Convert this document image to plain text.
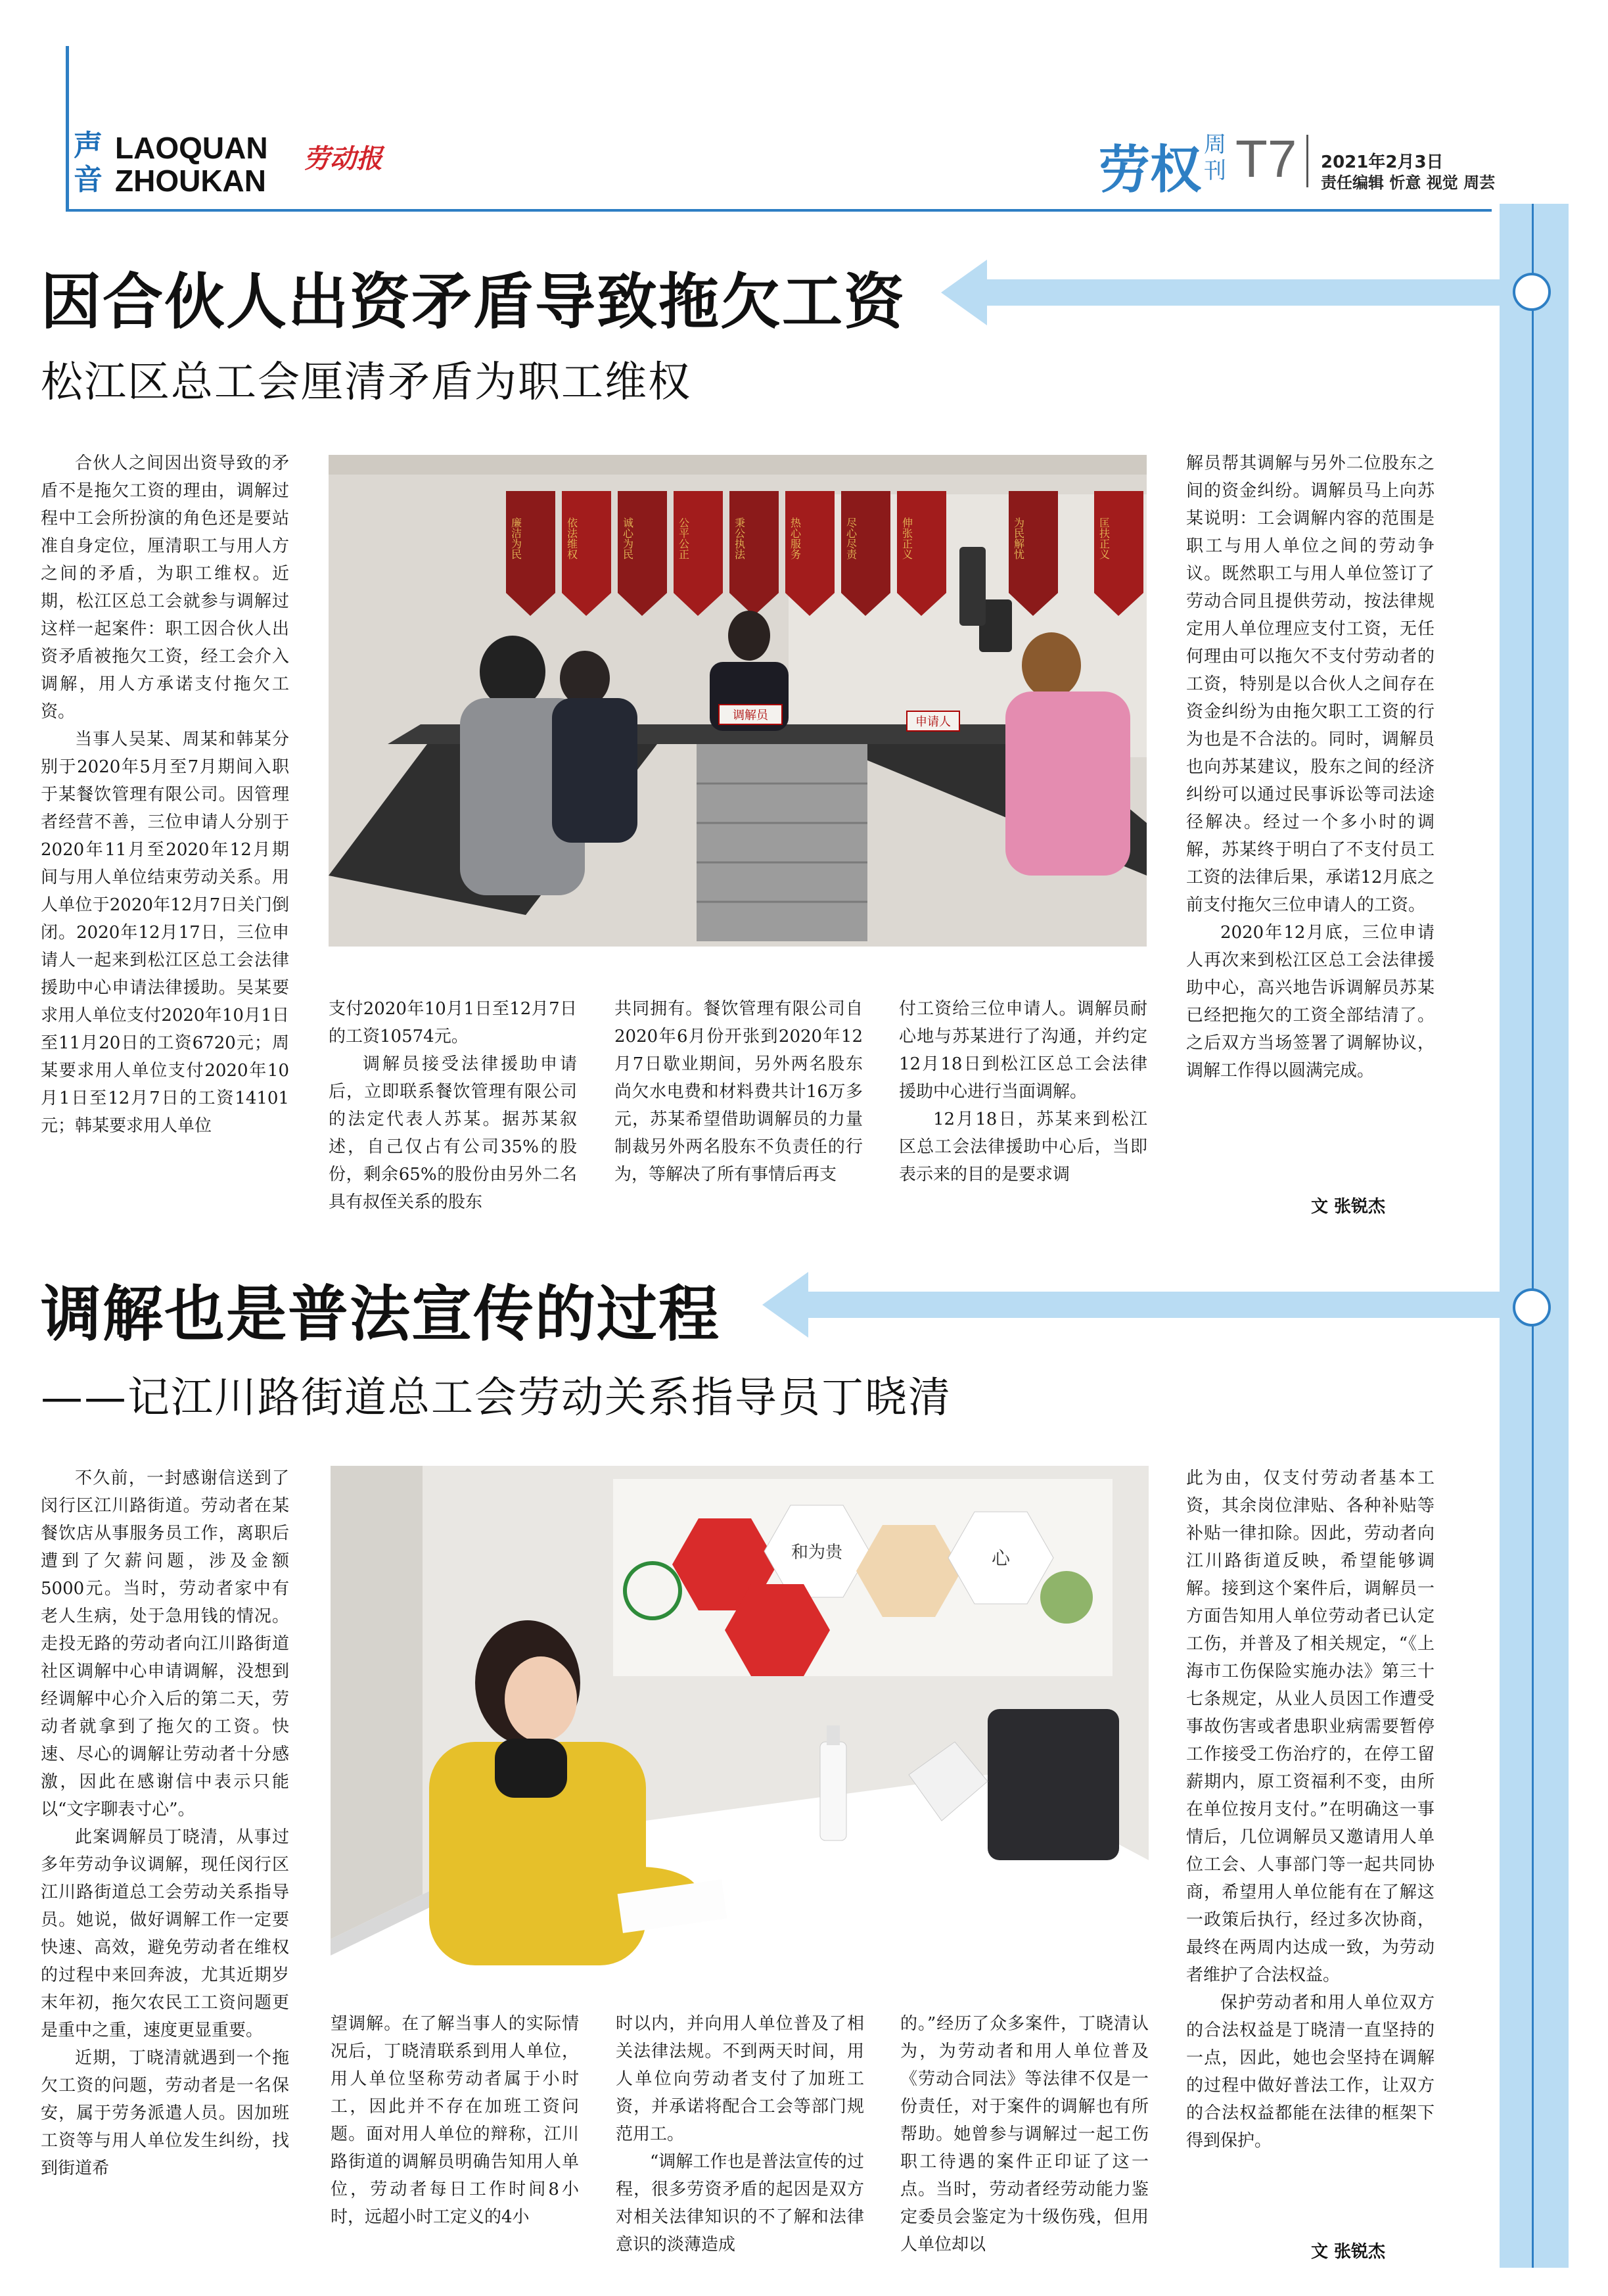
声
音
LAOQUAN
ZHOUKAN
劳动报	劳权 周刊 T7 2021年2月3日
责任编辑 忻意 视觉 周芸
因合伙人出资矛盾导致拖欠工资
松江区总工会厘清矛盾为职工维权

合伙人之间因出资导致的矛盾不是拖欠工资的理由，调解过程中工会所扮演的角色还是要站准自身定位，厘清职工与用人方之间的矛盾，为职工维权。近期，松江区总工会就参与调解过这样一起案件：职工因合伙人出资矛盾被拖欠工资，经工会介入调解，用人方承诺支付拖欠工资。

当事人吴某、周某和韩某分别于2020年5月至7月期间入职于某餐饮管理有限公司。因管理者经营不善，三位申请人分别于2020年11月至2020年12月期间与用人单位结束劳动关系。用人单位于2020年12月7日关门倒闭。2020年12月17日，三位申请人一起来到松江区总工会法律援助中心申请法律援助。吴某要求用人单位支付2020年10月1日至11月20日的工资6720元；周某要求用人单位支付2020年10月1日至12月7日的工资14101元；韩某要求用人单位

廉洁为民	依法维权	诚心为民	公平公正	秉公执法	热心服务	尽心尽责	伸张正义	为民解忧	匡扶正义
调解员	申请人

支付2020年10月1日至12月7日的工资10574元。

调解员接受法律援助申请后，立即联系餐饮管理有限公司的法定代表人苏某。据苏某叙述，自己仅占有公司35%的股份，剩余65%的股份由另外二名具有叔侄关系的股东

共同拥有。餐饮管理有限公司自2020年6月份开张到2020年12月7日歇业期间，另外两名股东尚欠水电费和材料费共计16万多元，苏某希望借助调解员的力量制裁另外两名股东不负责任的行为，等解决了所有事情后再支

付工资给三位申请人。调解员耐心地与苏某进行了沟通，并约定12月18日到松江区总工会法律援助中心进行当面调解。

12月18日，苏某来到松江区总工会法律援助中心后，当即表示来的目的是要求调

解员帮其调解与另外二位股东之间的资金纠纷。调解员马上向苏某说明：工会调解内容的范围是职工与用人单位之间的劳动争议。既然职工与用人单位签订了劳动合同且提供劳动，按法律规定用人单位理应支付工资，无任何理由可以拖欠不支付劳动者的工资，特别是以合伙人之间存在资金纠纷为由拖欠职工工资的行为也是不合法的。同时，调解员也向苏某建议，股东之间的经济纠纷可以通过民事诉讼等司法途径解决。经过一个多小时的调解，苏某终于明白了不支付员工工资的法律后果，承诺12月底之前支付拖欠三位申请人的工资。

2020年12月底，三位申请人再次来到松江区总工会法律援助中心，高兴地告诉调解员苏某已经把拖欠的工资全部结清了。之后双方当场签署了调解协议，调解工作得以圆满完成。

文 张锐杰
调解也是普法宣传的过程
——记江川路街道总工会劳动关系指导员丁晓清

不久前，一封感谢信送到了闵行区江川路街道。劳动者在某餐饮店从事服务员工作，离职后遭到了欠薪问题，涉及金额5000元。当时，劳动者家中有老人生病，处于急用钱的情况。走投无路的劳动者向江川路街道社区调解中心申请调解，没想到经调解中心介入后的第二天，劳动者就拿到了拖欠的工资。快速、尽心的调解让劳动者十分感激，因此在感谢信中表示只能以“文字聊表寸心”。

此案调解员丁晓清，从事过多年劳动争议调解，现任闵行区江川路街道总工会劳动关系指导员。她说，做好调解工作一定要快速、高效，避免劳动者在维权的过程中来回奔波，尤其近期岁末年初，拖欠农民工工资问题更是重中之重，速度更显重要。

近期，丁晓清就遇到一个拖欠工资的问题，劳动者是一名保安，属于劳务派遣人员。因加班工资等与用人单位发生纠纷，找到街道希

和为贵	心

望调解。在了解当事人的实际情况后，丁晓清联系到用人单位，用人单位坚称劳动者属于小时工，因此并不存在加班工资问题。面对用人单位的辩称，江川路街道的调解员明确告知用人单位，劳动者每日工作时间8小时，远超小时工定义的4小

时以内，并向用人单位普及了相关法律法规。不到两天时间，用人单位向劳动者支付了加班工资，并承诺将配合工会等部门规范用工。

“调解工作也是普法宣传的过程，很多劳资矛盾的起因是双方对相关法律知识的不了解和法律意识的淡薄造成

的。”经历了众多案件，丁晓清认为，为劳动者和用人单位普及《劳动合同法》等法律不仅是一份责任，对于案件的调解也有所帮助。她曾参与调解过一起工伤职工待遇的案件正印证了这一点。当时，劳动者经劳动能力鉴定委员会鉴定为十级伤残，但用人单位却以

此为由，仅支付劳动者基本工资，其余岗位津贴、各种补贴等补贴一律扣除。因此，劳动者向江川路街道反映，希望能够调解。接到这个案件后，调解员一方面告知用人单位劳动者已认定工伤，并普及了相关规定，“《上海市工伤保险实施办法》第三十七条规定，从业人员因工作遭受事故伤害或者患职业病需要暂停工作接受工伤治疗的，在停工留薪期内，原工资福利不变，由所在单位按月支付。”在明确这一事情后，几位调解员又邀请用人单位工会、人事部门等一起共同协商，希望用人单位能有在了解这一政策后执行，经过多次协商，最终在两周内达成一致，为劳动者维护了合法权益。

保护劳动者和用人单位双方的合法权益是丁晓清一直坚持的一点，因此，她也会坚持在调解的过程中做好普法工作，让双方的合法权益都能在法律的框架下得到保护。

文 张锐杰
